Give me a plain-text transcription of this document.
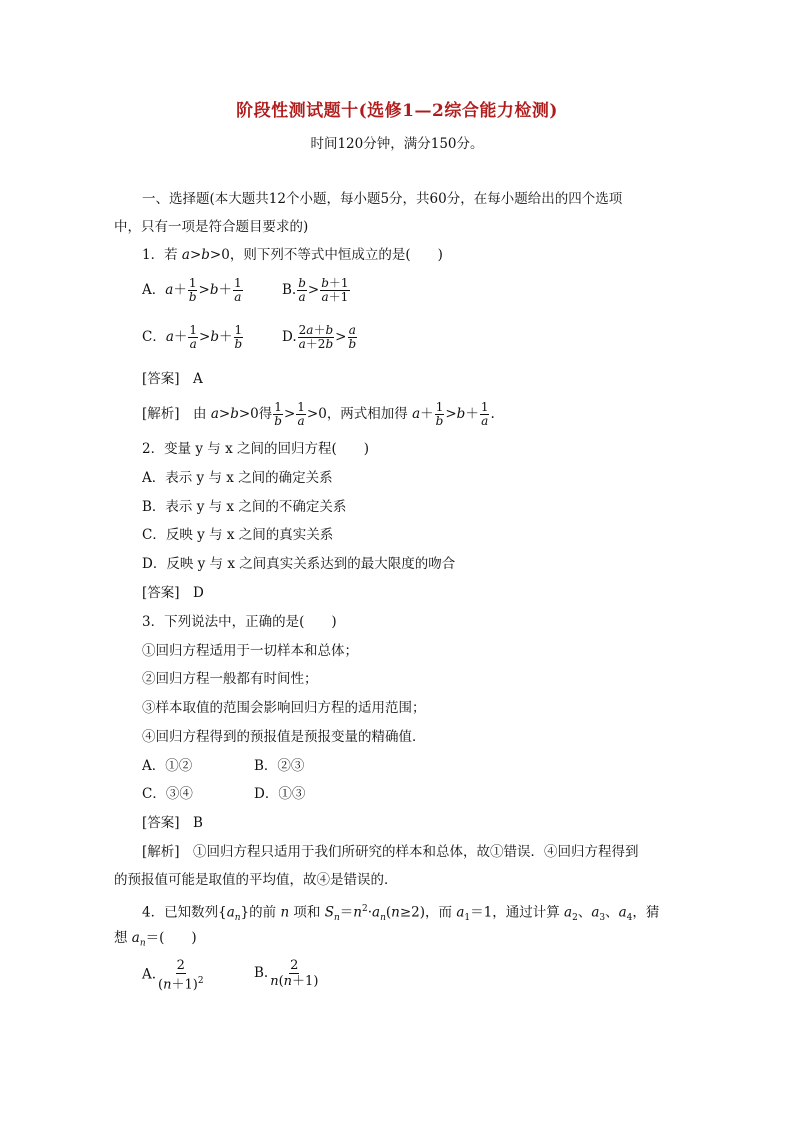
阶段性测试题十(选修1—2综合能力检测)
时间120分钟，满分150分。
一、选择题(本大题共12个小题，每小题5分，共60分，在每小题给出的四个选项
中，只有一项是符合题目要求的)
1．若 a>b>0，则下列不等式中恒成立的是(　　)
A．$a+ \frac{1}{b} >b+ \frac{1}{a}$	B. $\frac{b}{a} > \frac{b+1}{a+1}$
C．$a+ \frac{1}{a} >b+ \frac{1}{b}$	D. $\frac{2a+b}{a+2b} > \frac{a}{b}$
[答案]　A
[解析]　由 a>b>0得 $\frac{1}{b} > \frac{1}{a} >0$，两式相加得 $a+ \frac{1}{b} >b+ \frac{1}{a}$ .
2．变量 y 与 x 之间的回归方程(　　)
A．表示 y 与 x 之间的确定关系
B．表示 y 与 x 之间的不确定关系
C．反映 y 与 x 之间的真实关系
D．反映 y 与 x 之间真实关系达到的最大限度的吻合
[答案]　D
3．下列说法中，正确的是(　　)
①回归方程适用于一切样本和总体；
②回归方程一般都有时间性；
③样本取值的范围会影响回归方程的适用范围；
④回归方程得到的预报值是预报变量的精确值．
A．①②	B．②③
C．③④	D．①③
[答案]　B
[解析]　①回归方程只适用于我们所研究的样本和总体，故①错误．④回归方程得到
的预报值可能是取值的平均值，故④是错误的．
4．已知数列$\{a_n\}$的前 n 项和 $S_n=n^2\cdot a_n(n\ge 2)$，而 $a_1=1$，通过计算 $a_2$、$a_3$、$a_4$，猜
想 $a_n=$(　　)
A. $\frac{2}{(n+1)^2}$	B. $\frac{2}{n(n+1)}$
